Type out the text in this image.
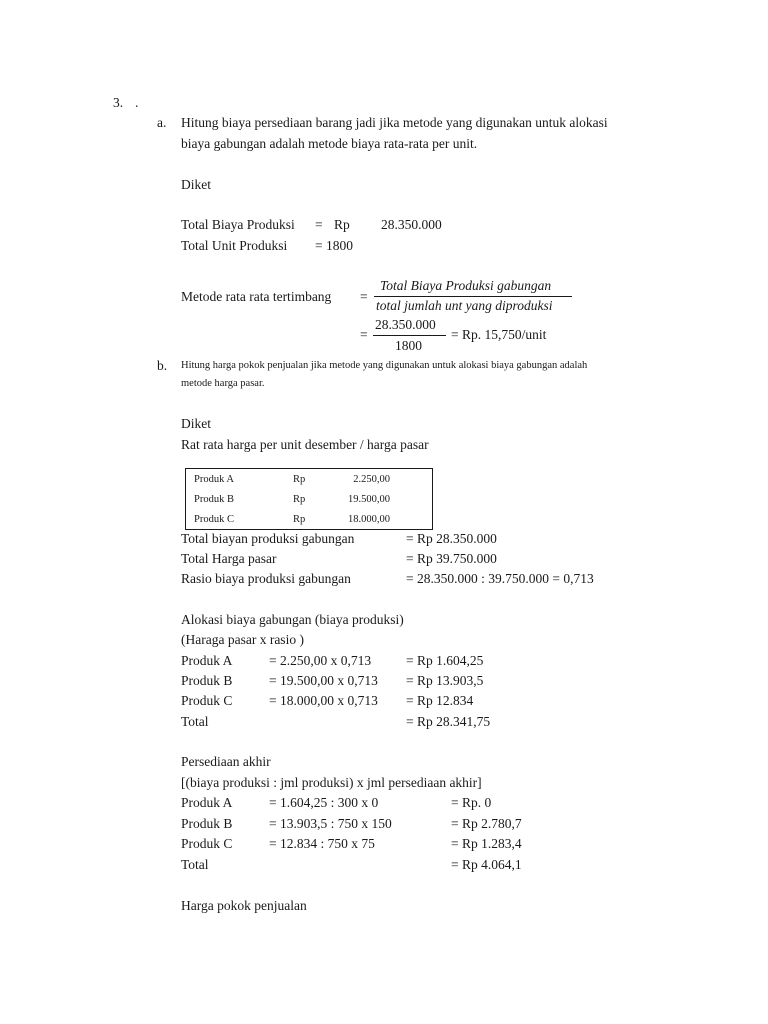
3. .
a. Hitung biaya persediaan barang jadi jika metode yang digunakan untuk alokasi
biaya gabungan adalah metode biaya rata-rata per unit.
Diket
Total Biaya Produksi = Rp 28.350.000
Total Unit Produksi = 1800
Metode rata rata tertimbang =
Total Biaya Produksi gabungan
total jumlah unt yang diproduksi
=
28.350.000
1800
= Rp. 15,750/unit
b. Hitung harga pokok penjualan jika metode yang digunakan untuk alokasi biaya gabungan adalah
metode harga pasar.
Diket
Rat rata harga per unit desember / harga pasar
Produk A	Rp	2.250,00
Produk B	Rp	19.500,00
Produk C	Rp	18.000,00
Total biayan produksi gabungan	= Rp 28.350.000
Total Harga pasar	= Rp 39.750.000
Rasio biaya produksi gabungan	= 28.350.000 : 39.750.000 = 0,713
Alokasi biaya gabungan (biaya produksi)
(Haraga pasar x rasio )
Produk A	= 2.250,00 x 0,713	= Rp 1.604,25
Produk B	= 19.500,00 x 0,713 = Rp 13.903,5
Produk C	= 18.000,00 x 0,713 = Rp 12.834
Total	= Rp 28.341,75
Persediaan akhir
[(biaya produksi : jml produksi) x jml persediaan akhir]
Produk A	= 1.604,25 : 300 x 0	= Rp. 0
Produk B	= 13.903,5 : 750 x 150	= Rp 2.780,7
Produk C	= 12.834 : 750 x 75	= Rp 1.283,4
Total	= Rp 4.064,1
Harga pokok penjualan
